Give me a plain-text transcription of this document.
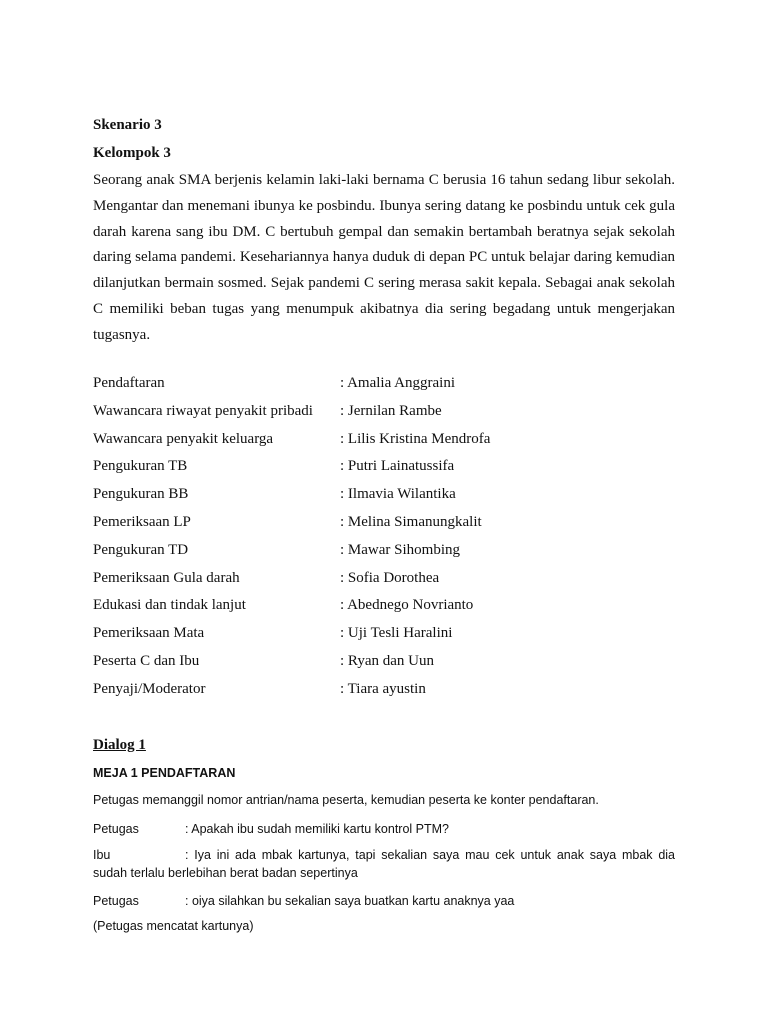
Skenario 3
Kelompok 3

Seorang anak SMA berjenis kelamin laki-laki bernama C berusia 16 tahun sedang libur sekolah. Mengantar dan menemani ibunya ke posbindu. Ibunya sering datang ke posbindu untuk cek gula darah karena sang ibu DM. C bertubuh gempal dan semakin bertambah beratnya sejak sekolah daring selama pandemi. Kesehariannya hanya duduk di depan PC untuk belajar daring kemudian dilanjutkan bermain sosmed. Sejak pandemi C sering merasa sakit kepala. Sebagai anak sekolah C memiliki beban tugas yang menumpuk akibatnya dia sering begadang untuk mengerjakan tugasnya.

Pendaftaran	: Amalia Anggraini
Wawancara riwayat penyakit pribadi : Jernilan Rambe
Wawancara penyakit keluarga	: Lilis Kristina Mendrofa
Pengukuran TB	: Putri Lainatussifa
Pengukuran BB	: Ilmavia Wilantika
Pemeriksaan LP	: Melina Simanungkalit
Pengukuran TD	: Mawar Sihombing
Pemeriksaan Gula darah	: Sofia Dorothea
Edukasi dan tindak lanjut	: Abednego Novrianto
Pemeriksaan Mata	: Uji Tesli Haralini
Peserta C dan Ibu	: Ryan dan Uun
Penyaji/Moderator	: Tiara ayustin
Dialog 1
MEJA 1 PENDAFTARAN
Petugas memanggil nomor antrian/nama peserta, kemudian peserta ke konter pendaftaran.
Petugas	: Apakah ibu sudah memiliki kartu kontrol PTM?
Ibu	: Iya ini ada mbak kartunya, tapi sekalian saya mau cek untuk anak saya mbak dia sudah terlalu berlebihan berat badan sepertinya
Petugas	: oiya silahkan bu sekalian saya buatkan kartu anaknya yaa
(Petugas mencatat kartunya)
